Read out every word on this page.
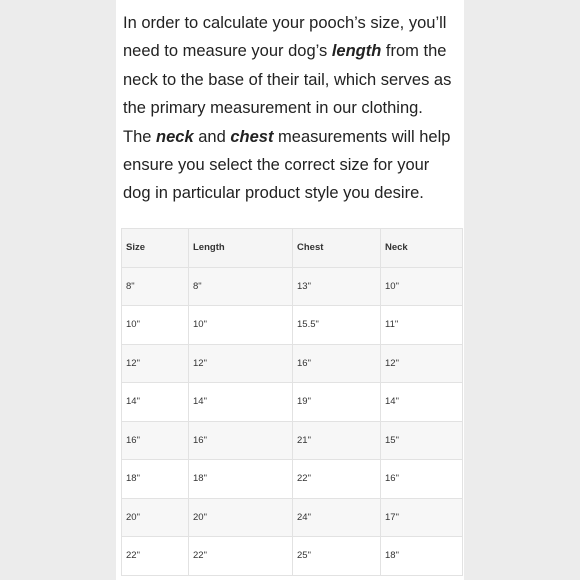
In order to calculate your pooch’s size, you’ll need to measure your dog’s length from the neck to the base of their tail, which serves as the primary measurement in our clothing.

The neck and chest measurements will help ensure you select the correct size for your dog in particular product style you desire.

Size	Length	Chest	Neck
8"	8"	13"	10"
10"	10"	15.5"	11"
12"	12"	16"	12"
14"	14"	19"	14"
16"	16"	21"	15"
18"	18"	22"	16"
20"	20"	24"	17"
22"	22"	25"	18"
